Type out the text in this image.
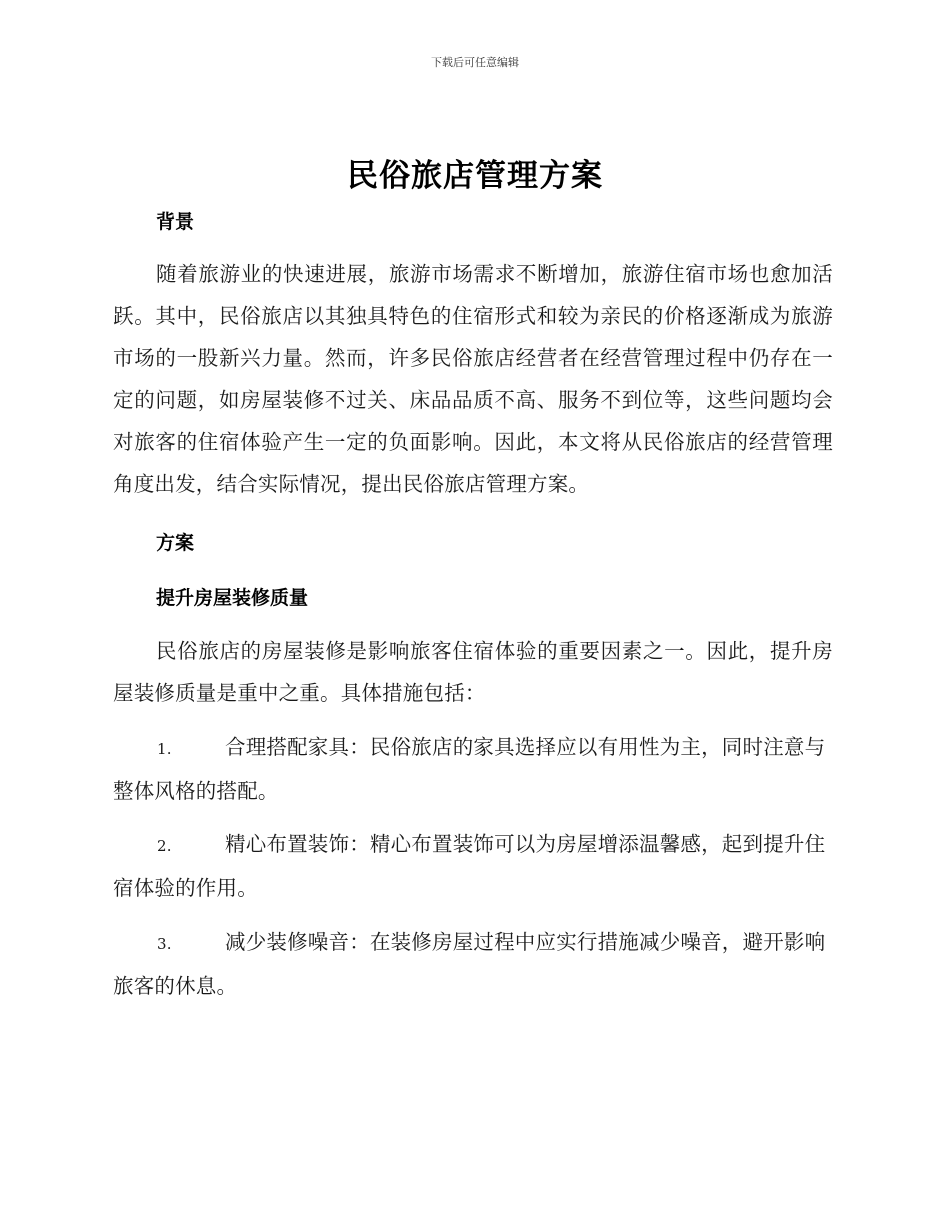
下载后可任意编辑
民俗旅店管理方案
背景
随着旅游业的快速进展，旅游市场需求不断增加，旅游住宿市场也愈加活跃。其中，民俗旅店以其独具特色的住宿形式和较为亲民的价格逐渐成为旅游市场的一股新兴力量。然而，许多民俗旅店经营者在经营管理过程中仍存在一定的问题，如房屋装修不过关、床品品质不高、服务不到位等，这些问题均会对旅客的住宿体验产生一定的负面影响。因此，本文将从民俗旅店的经营管理角度出发，结合实际情况，提出民俗旅店管理方案。
方案
提升房屋装修质量
民俗旅店的房屋装修是影响旅客住宿体验的重要因素之一。因此，提升房屋装修质量是重中之重。具体措施包括：
1.	合理搭配家具：民俗旅店的家具选择应以有用性为主，同时注意与整体风格的搭配。
2.	精心布置装饰：精心布置装饰可以为房屋增添温馨感，起到提升住宿体验的作用。
3.	减少装修噪音：在装修房屋过程中应实行措施减少噪音，避开影响旅客的休息。
